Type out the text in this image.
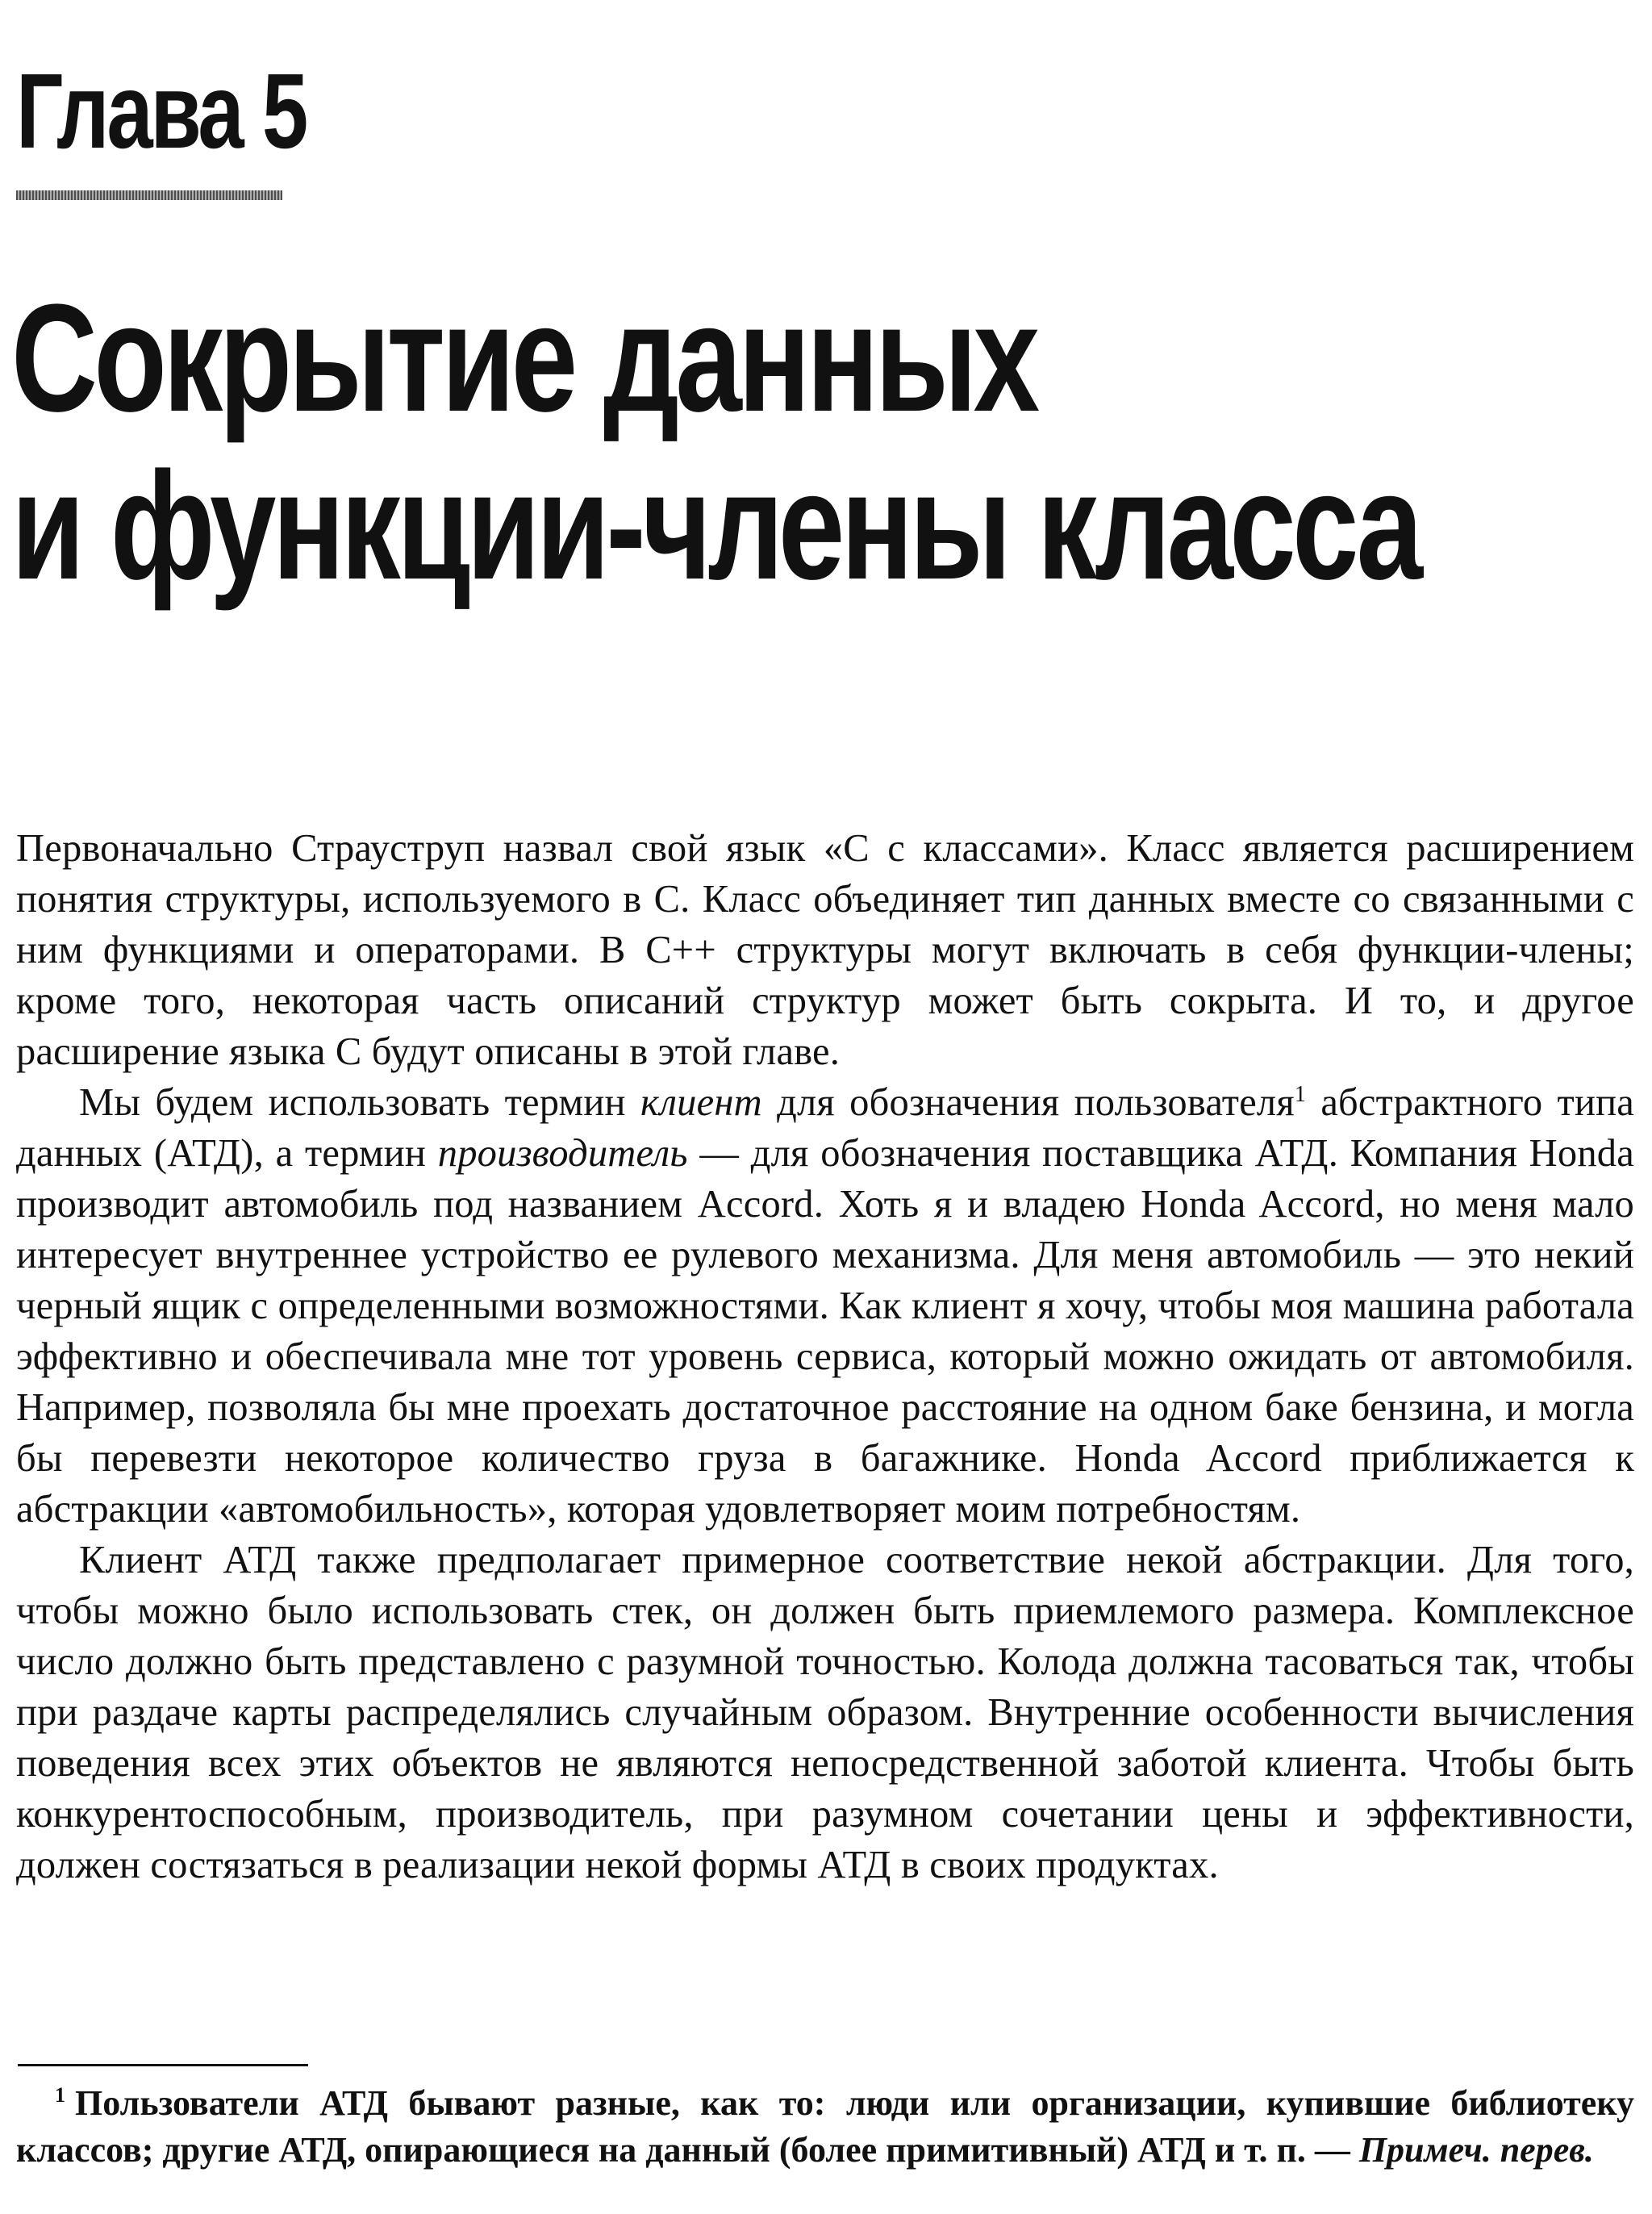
Глава 5
Сокрытие данных
и функции-члены класса

Первоначально Страуструп назвал свой язык «С с классами». Класс является расширением понятия структуры, используемого в С. Класс объединяет тип данных вместе со связанными с ним функциями и операторами. В С++ структуры могут включать в себя функции-члены; кроме того, некоторая часть описаний структур может быть сокрыта. И то, и другое расширение языка С будут описаны в этой главе.

Мы будем использовать термин клиент для обозначения пользователя$^1$ абстрактного типа данных (АТД), а термин производитель — для обозначения поставщика АТД. Компания Honda производит автомобиль под названием Accord. Хоть я и владею Honda Accord, но меня мало интересует внутреннее устройство ее рулевого механизма. Для меня автомобиль — это некий черный ящик с определенными возможностями. Как клиент я хочу, чтобы моя машина работала эффективно и обеспечивала мне тот уровень сервиса, который можно ожидать от автомобиля. Например, позволяла бы мне проехать достаточное расстояние на одном баке бензина, и могла бы перевезти некоторое количество груза в багажнике. Honda Accord приближается к абстракции «автомобильность», которая удовлетворяет моим потребностям.

Клиент АТД также предполагает примерное соответствие некой абстракции. Для того, чтобы можно было использовать стек, он должен быть приемлемого размера. Комплексное число должно быть представлено с разумной точностью. Колода должна тасоваться так, чтобы при раздаче карты распределялись случайным образом. Внутренние особенности вычисления поведения всех этих объектов не являются непосредственной заботой клиента. Чтобы быть конкурентоспособным, производитель, при разумном сочетании цены и эффективности, должен состязаться в реализации некой формы АТД в своих продуктах.

$^1$ Пользователи АТД бывают разные, как то: люди или организации, купившие библиотеку классов; другие АТД, опирающиеся на данный (более примитивный) АТД и т. п. — Примеч. перев.
